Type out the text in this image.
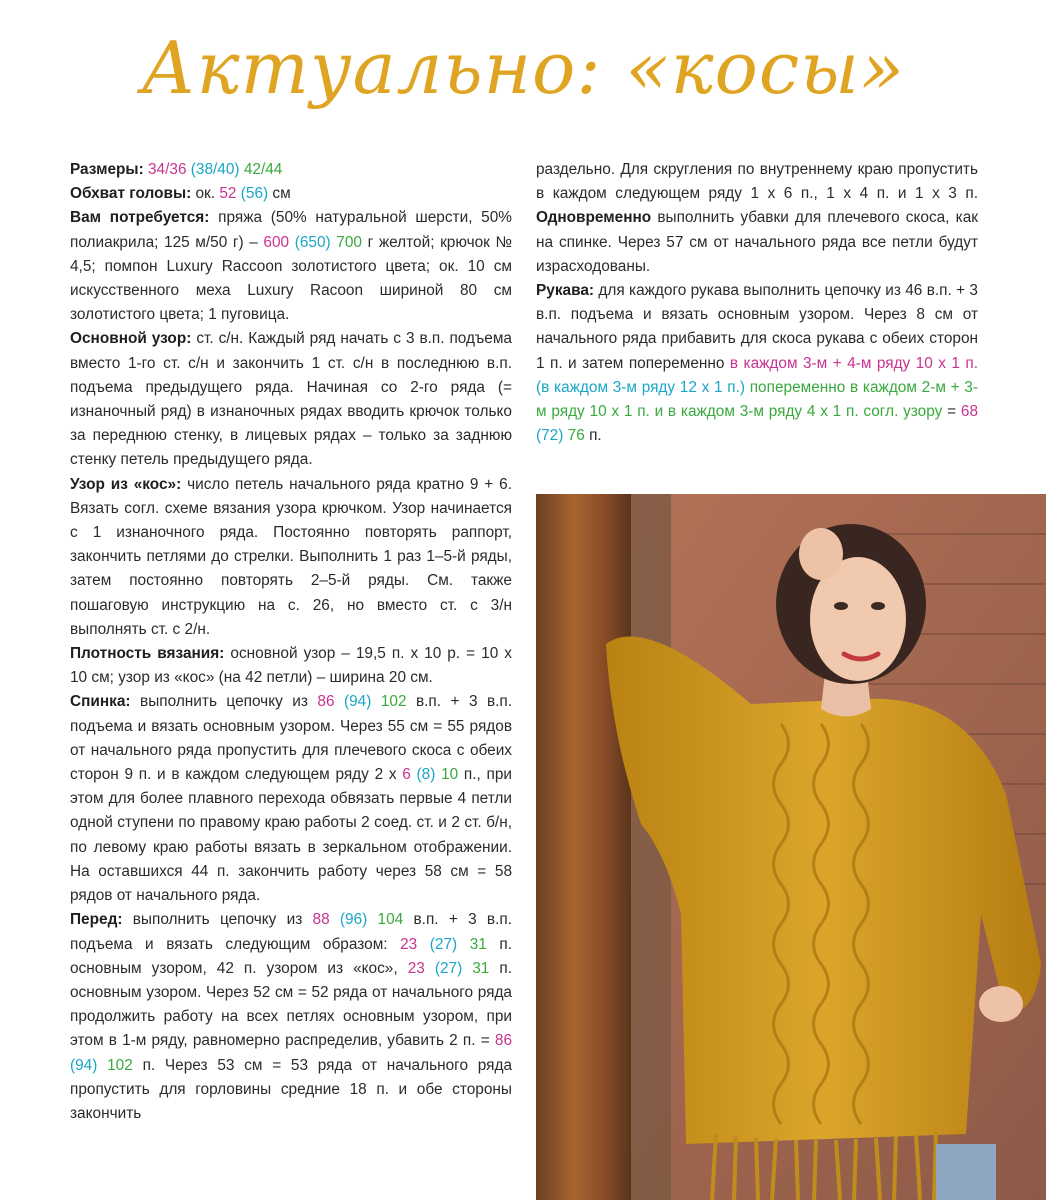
Актуально: «косы»

Размеры: 34/36 (38/40) 42/44

Обхват головы: ок. 52 (56) см

Вам потребуется: пряжа (50% натуральной шерсти, 50% полиакрила; 125 м/50 г) – 600 (650) 700 г желтой; крючок № 4,5; помпон Luxury Raccoon золотистого цвета; ок. 10 см искусственного меха Luxury Racoon шириной 80 см золотистого цвета; 1 пуговица.

Основной узор: ст. с/н. Каждый ряд начать с 3 в.п. подъема вместо 1-го ст. с/н и закончить 1 ст. с/н в последнюю в.п. подъема предыдущего ряда. Начиная со 2-го ряда (= изнаночный ряд) в изнаночных рядах вводить крючок только за переднюю стенку, в лицевых рядах – только за заднюю стенку петель предыдущего ряда.

Узор из «кос»: число петель начального ряда кратно 9 + 6. Вязать согл. схеме вязания узора крючком. Узор начинается с 1 изнаночного ряда. Постоянно повторять раппорт, закончить петлями до стрелки. Выполнить 1 раз 1–5-й ряды, затем постоянно повторять 2–5-й ряды. См. также пошаговую инструкцию на с. 26, но вместо ст. с 3/н выполнять ст. с 2/н.

Плотность вязания: основной узор – 19,5 п. х 10 р. = 10 х 10 см; узор из «кос» (на 42 петли) – ширина 20 см.

Спинка: выполнить цепочку из 86 (94) 102 в.п. + 3 в.п. подъема и вязать основным узором. Через 55 см = 55 рядов от начального ряда пропустить для плечевого скоса с обеих сторон 9 п. и в каждом следующем ряду 2 х 6 (8) 10 п., при этом для более плавного перехода обвязать первые 4 петли одной ступени по правому краю работы 2 соед. ст. и 2 ст. б/н, по левому краю работы вязать в зеркальном отображении. На оставшихся 44 п. закончить работу через 58 см = 58 рядов от начального ряда.

Перед: выполнить цепочку из 88 (96) 104 в.п. + 3 в.п. подъема и вязать следующим образом: 23 (27) 31 п. основным узором, 42 п. узором из «кос», 23 (27) 31 п. основным узором. Через 52 см = 52 ряда от начального ряда продолжить работу на всех петлях основным узором, при этом в 1-м ряду, равномерно распределив, убавить 2 п. = 86 (94) 102 п. Через 53 см = 53 ряда от начального ряда пропустить для горловины средние 18 п. и обе стороны закончить

раздельно. Для скругления по внутреннему краю пропустить в каждом следующем ряду 1 х 6 п., 1 х 4 п. и 1 х 3 п. Одновременно выполнить убавки для плечевого скоса, как на спинке. Через 57 см от начального ряда все петли будут израсходованы.

Рукава: для каждого рукава выполнить цепочку из 46 в.п. + 3 в.п. подъема и вязать основным узором. Через 8 см от начального ряда прибавить для скоса рукава с обеих сторон 1 п. и затем попеременно в каждом 3-м + 4-м ряду 10 х 1 п. (в каждом 3-м ряду 12 х 1 п.) попеременно в каждом 2-м + 3-м ряду 10 х 1 п. и в каждом 3-м ряду 4 х 1 п. согл. узору = 68 (72) 76 п.
